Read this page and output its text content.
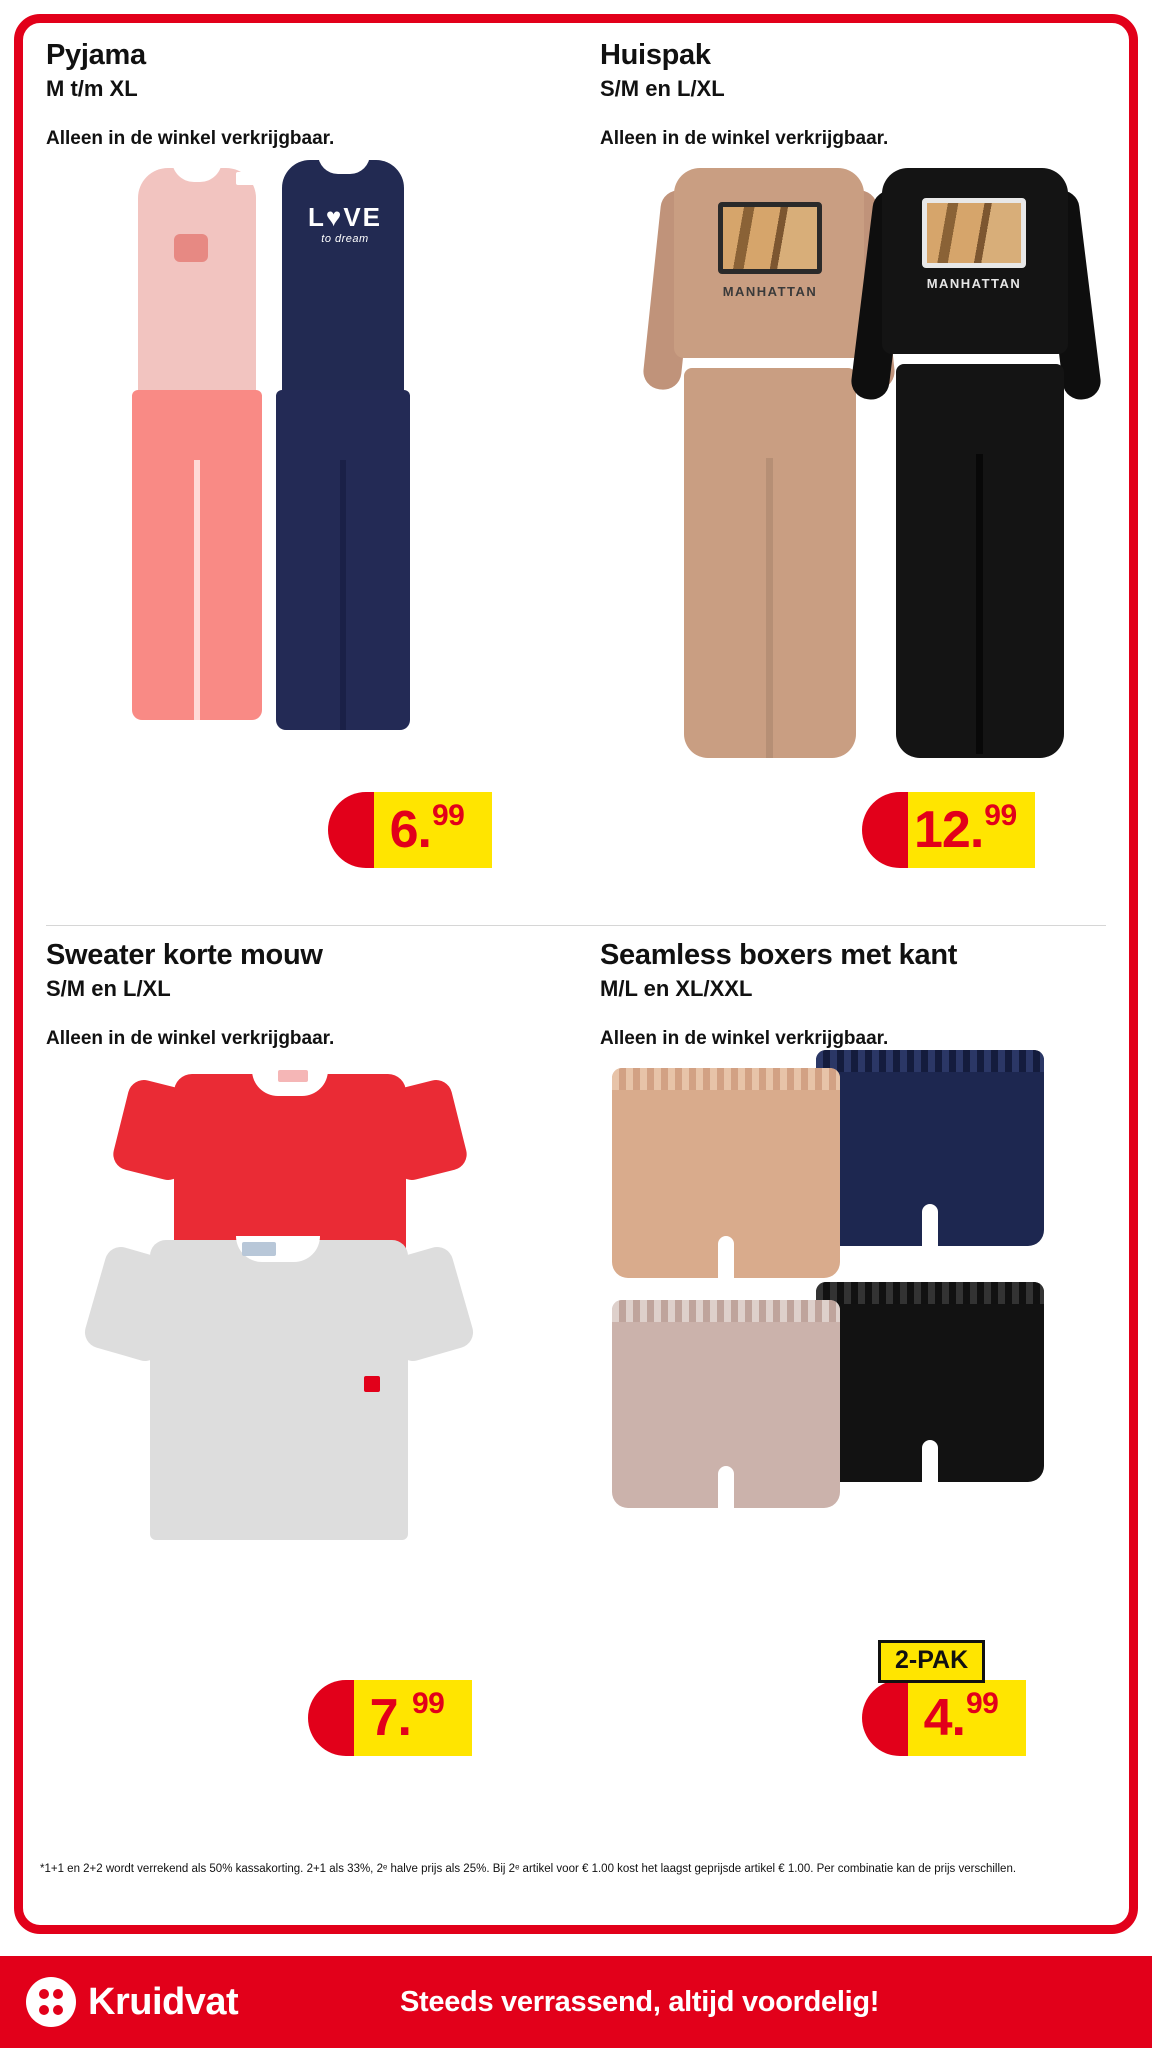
Pyjama
M t/m XL
Alleen in de winkel verkrijgbaar.
L♥VE
to dream
6 . 99
Huispak
S/M en L/XL
Alleen in de winkel verkrijgbaar.
MANHATTAN
MANHATTAN
12 . 99
Sweater korte mouw
S/M en L/XL
Alleen in de winkel verkrijgbaar.
7 . 99
Seamless boxers met kant
M/L en XL/XXL
Alleen in de winkel verkrijgbaar.
2-PAK
4 . 99
*1+1 en 2+2 wordt verrekend als 50% kassakorting. 2+1 als 33%, 2ᵉ halve prijs als 25%. Bij 2ᵉ artikel voor € 1.00 kost het laagst geprijsde artikel € 1.00. Per combinatie kan de prijs verschillen.
Kruidvat	Steeds verrassend, altijd voordelig!
